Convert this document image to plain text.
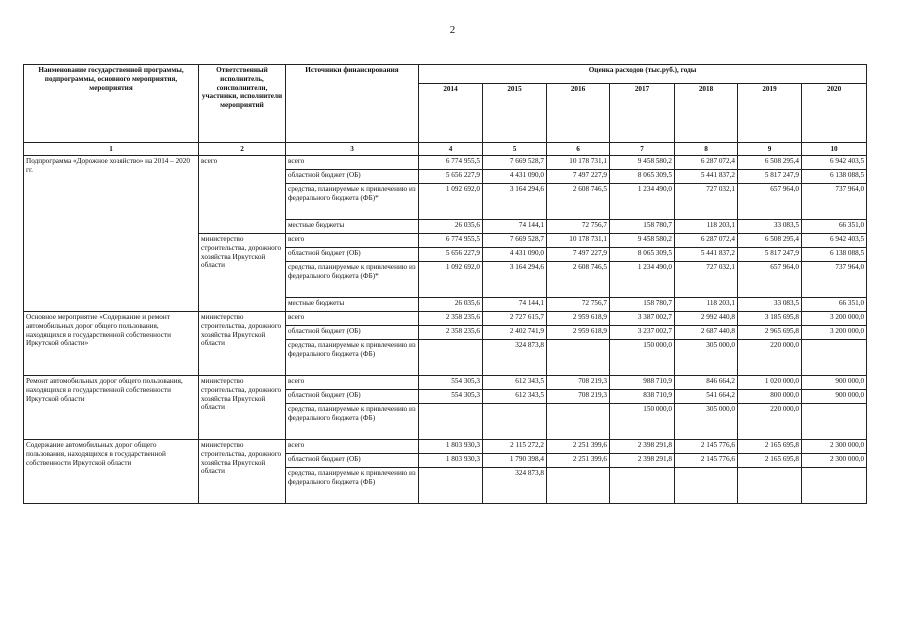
2
Наименование государственной программы, подпрограммы, основного мероприятия, мероприятия	Ответственный исполнитель, соисполнители, участники, исполнители мероприятий	Источники финансирования	Оценка расходов (тыс.руб.), годы						
			2014	2015	2016	2017	2018	2019	2020
1	2	3	4	5	6	7	8	9	10
Подпрограмма «Дорожное хозяйство» на 2014 – 2020 гг.	всего	всего	6 774 955,5	7 669 528,7	10 178 731,1	9 458 580,2	6 287 072,4	6 508 295,4	6 942 403,5
		областной бюджет (ОБ)	5 656 227,9	4 431 090,0	7 497 227,9	8 065 309,5	5 441 837,2	5 817 247,9	6 138 088,5
		средства, планируемые к привлечению из федерального бюджета (ФБ)*	1 092 692,0	3 164 294,6	2 608 746,5	1 234 490,0	727 032,1	657 964,0	737 964,0
		местные бюджеты	26 035,6	74 144,1	72 756,7	158 780,7	118 203,1	33 083,5	66 351,0
	министерство строительства, дорожного хозяйства Иркутской области	всего	6 774 955,5	7 669 528,7	10 178 731,1	9 458 580,2	6 287 072,4	6 508 295,4	6 942 403,5
		областной бюджет (ОБ)	5 656 227,9	4 431 090,0	7 497 227,9	8 065 309,5	5 441 837,2	5 817 247,9	6 138 088,5
		средства, планируемые к привлечению из федерального бюджета (ФБ)*	1 092 692,0	3 164 294,6	2 608 746,5	1 234 490,0	727 032,1	657 964,0	737 964,0
		местные бюджеты	26 035,6	74 144,1	72 756,7	158 780,7	118 203,1	33 083,5	66 351,0
Основное мероприятие «Содержание и ремонт автомобильных дорог общего пользования, находящихся в государственной собственности Иркутской области»	министерство строительства, дорожного хозяйства Иркутской области	всего	2 358 235,6	2 727 615,7	2 959 618,9	3 387 002,7	2 992 440,8	3 185 695,8	3 200 000,0
		областной бюджет (ОБ)	2 358 235,6	2 402 741,9	2 959 618,9	3 237 002,7	2 687 440,8	2 965 695,8	3 200 000,0
		средства, планируемые к привлечению из федерального бюджета (ФБ)		324 873,8		150 000,0	305 000,0	220 000,0	
Ремонт автомобильных дорог общего пользования, находящихся в государственной собственности Иркутской области	министерство строительства, дорожного хозяйства Иркутской области	всего	554 305,3	612 343,5	708 219,3	988 710,9	846 664,2	1 020 000,0	900 000,0
		областной бюджет (ОБ)	554 305,3	612 343,5	708 219,3	838 710,9	541 664,2	800 000,0	900 000,0
		средства, планируемые к привлечению из федерального бюджета (ФБ)				150 000,0	305 000,0	220 000,0	
Содержание автомобильных дорог общего пользования, находящихся в государственной собственности Иркутской области	министерство строительства, дорожного хозяйства Иркутской области	всего	1 803 930,3	2 115 272,2	2 251 399,6	2 398 291,8	2 145 776,6	2 165 695,8	2 300 000,0
		областной бюджет (ОБ)	1 803 930,3	1 790 398,4	2 251 399,6	2 398 291,8	2 145 776,6	2 165 695,8	2 300 000,0
		средства, планируемые к привлечению из федерального бюджета (ФБ)		324 873,8					
